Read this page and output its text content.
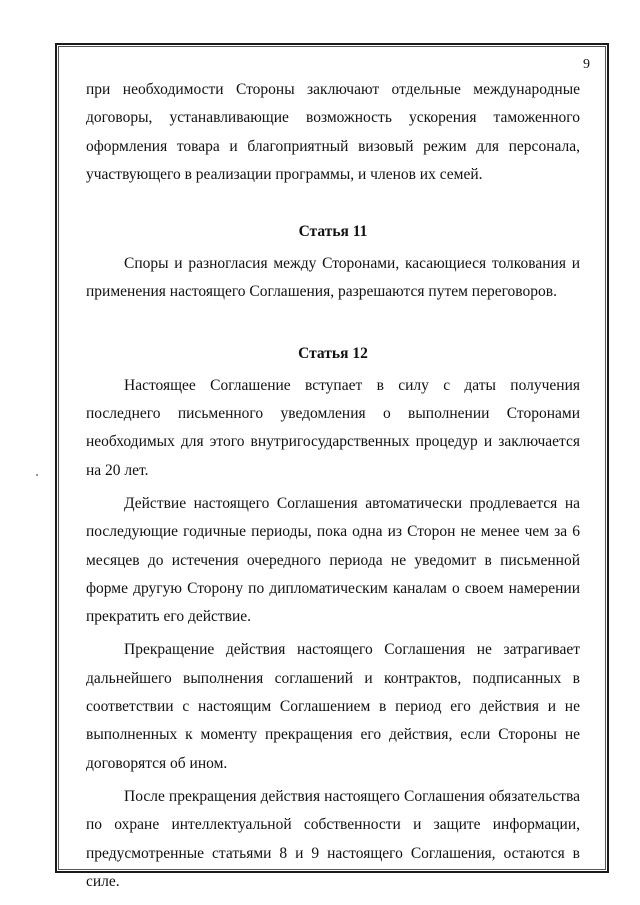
9

при необходимости Стороны заключают отдельные международные договоры, устанавливающие возможность ускорения таможенного оформления товара и благоприятный визовый режим для персонала, участвующего в реализации программы, и членов их семей.

Статья 11

Споры и разногласия между Сторонами, касающиеся толкования и применения настоящего Соглашения, разрешаются путем переговоров.

Статья 12

Настоящее Соглашение вступает в силу с даты получения последнего письменного уведомления о выполнении Сторонами необходимых для этого внутригосударственных процедур и заключается на 20 лет.

Действие настоящего Соглашения автоматически продлевается на последующие годичные периоды, пока одна из Сторон не менее чем за 6 месяцев до истечения очередного периода не уведомит в письменной форме другую Сторону по дипломатическим каналам о своем намерении прекратить его действие.

Прекращение действия настоящего Соглашения не затрагивает дальнейшего выполнения соглашений и контрактов, подписанных в соответствии с настоящим Соглашением в период его действия и не выполненных к моменту прекращения его действия, если Стороны не договорятся об ином.

После прекращения действия настоящего Соглашения обязательства по охране интеллектуальной собственности и защите информации, предусмотренные статьями 8 и 9 настоящего Соглашения, остаются в силе.
